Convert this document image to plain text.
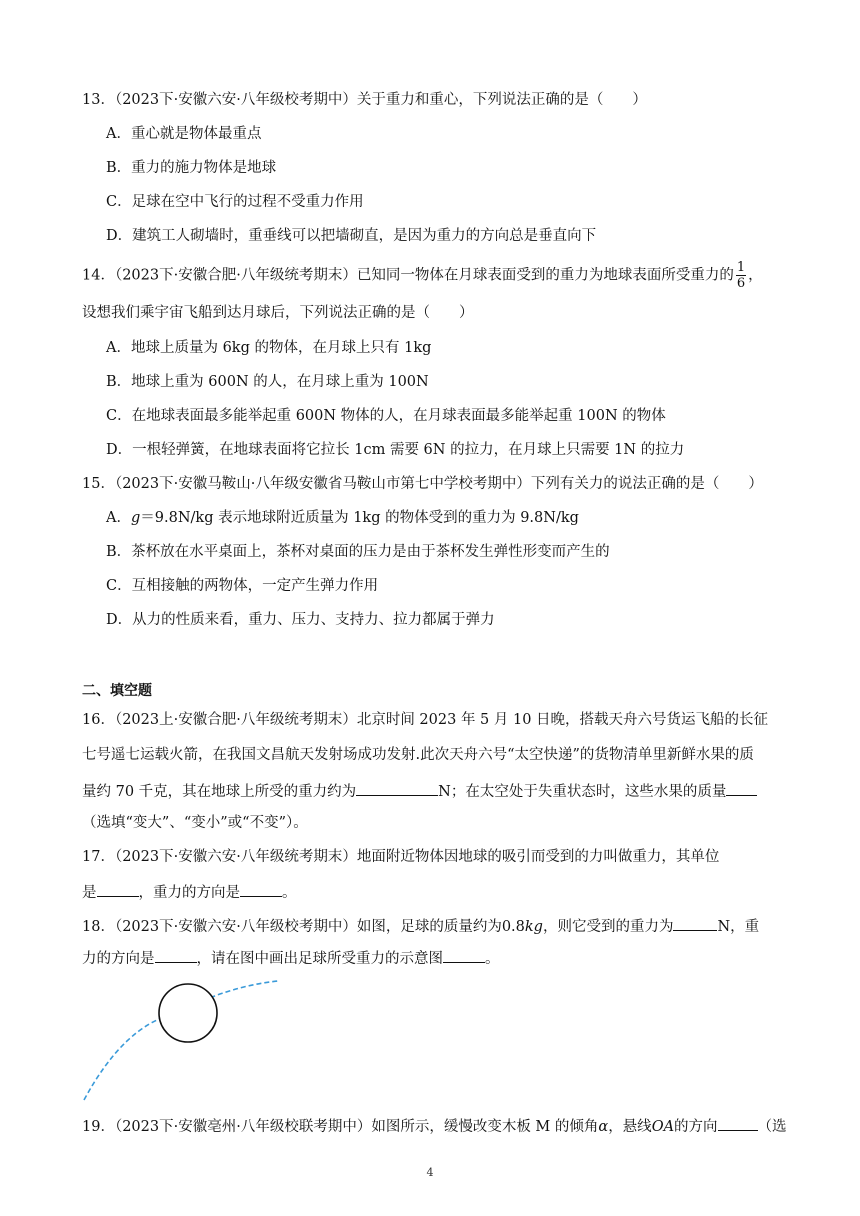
13．（2023下·安徽六安·八年级校考期中）关于重力和重心，下列说法正确的是（　　）
A．重心就是物体最重点
B．重力的施力物体是地球
C．足球在空中飞行的过程不受重力作用
D．建筑工人砌墙时，重垂线可以把墙砌直，是因为重力的方向总是垂直向下
14．（2023下·安徽合肥·八年级统考期末）已知同一物体在月球表面受到的重力为地球表面所受重力的 $\frac{1}{6}$ ，
设想我们乘宇宙飞船到达月球后，下列说法正确的是（　　）
A．地球上质量为 6kg 的物体，在月球上只有 1kg
B．地球上重为 600N 的人，在月球上重为 100N
C．在地球表面最多能举起重 600N 物体的人，在月球表面最多能举起重 100N 的物体
D．一根轻弹簧，在地球表面将它拉长 1cm 需要 6N 的拉力，在月球上只需要 1N 的拉力
15．（2023下·安徽马鞍山·八年级安徽省马鞍山市第七中学校考期中）下列有关力的说法正确的是（　　）
A．g＝9.8N/kg 表示地球附近质量为 1kg 的物体受到的重力为 9.8N/kg
B．茶杯放在水平桌面上，茶杯对桌面的压力是由于茶杯发生弹性形变而产生的
C．互相接触的两物体，一定产生弹力作用
D．从力的性质来看，重力、压力、支持力、拉力都属于弹力
二、填空题
16．（2023上·安徽合肥·八年级统考期末）北京时间 2023 年 5 月 10 日晚，搭载天舟六号货运飞船的长征
七号遥七运载火箭，在我国文昌航天发射场成功发射.此次天舟六号“太空快递”的货物清单里新鲜水果的质
量约 70 千克，其在地球上所受的重力约为	N；在太空处于失重状态时，这些水果的质量
（选填“变大”、“变小”或“不变”）。
17．（2023下·安徽六安·八年级统考期末）地面附近物体因地球的吸引而受到的力叫做重力，其单位
是	，重力的方向是	。
18．（2023下·安徽六安·八年级校考期中）如图，足球的质量约为0.8kg，则它受到的重力为	N，重
力的方向是	，请在图中画出足球所受重力的示意图	。
19．（2023下·安徽亳州·八年级校联考期中）如图所示，缓慢改变木板 M 的倾角α，悬线OA的方向	（选
4
